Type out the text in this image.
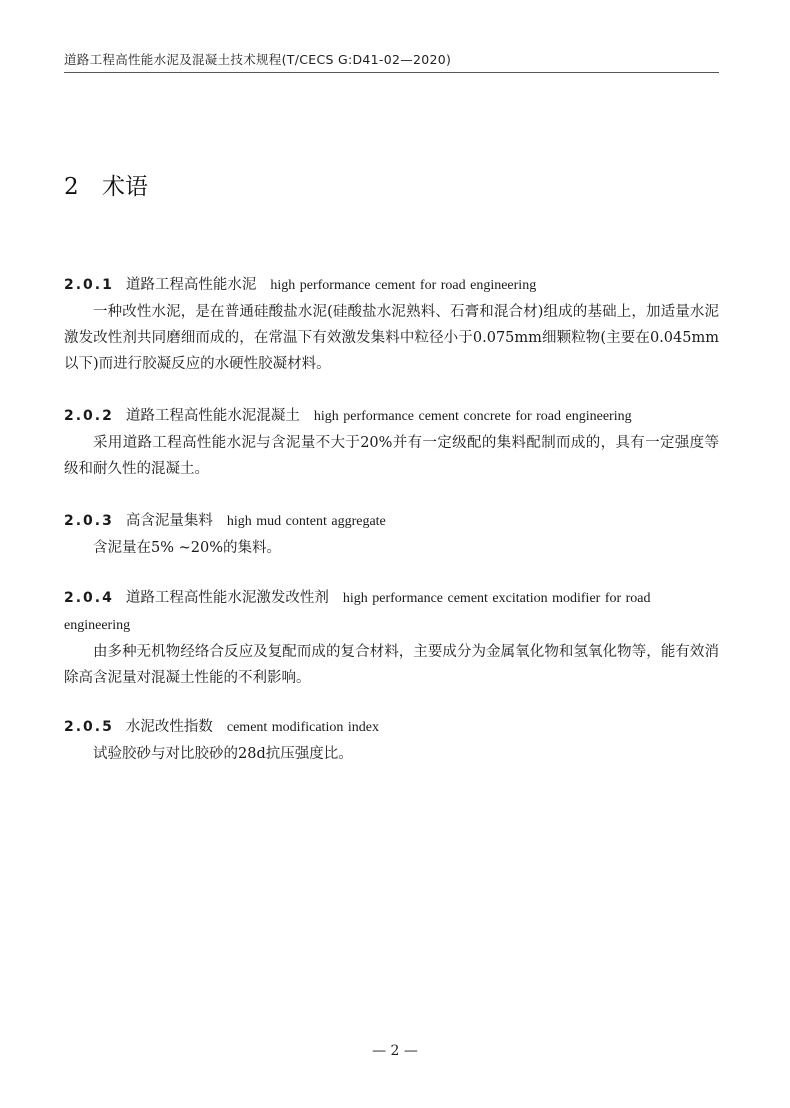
道路工程高性能水泥及混凝土技术规程(T/CECS G:D41-02—2020)
2 术语
2.0.1 道路工程高性能水泥 high performance cement for road engineering
一种改性水泥，是在普通硅酸盐水泥(硅酸盐水泥熟料、石膏和混合材)组成的基础上，加适量水泥激发改性剂共同磨细而成的，在常温下有效激发集料中粒径小于0.075mm细颗粒物(主要在0.045mm以下)而进行胶凝反应的水硬性胶凝材料。
2.0.2 道路工程高性能水泥混凝土 high performance cement concrete for road engineering
采用道路工程高性能水泥与含泥量不大于20%并有一定级配的集料配制而成的，具有一定强度等级和耐久性的混凝土。
2.0.3 高含泥量集料 high mud content aggregate
含泥量在5% ~20%的集料。
2.0.4 道路工程高性能水泥激发改性剂 high performance cement excitation modifier for road engineering
由多种无机物经络合反应及复配而成的复合材料，主要成分为金属氧化物和氢氧化物等，能有效消除高含泥量对混凝土性能的不利影响。
2.0.5 水泥改性指数 cement modification index
试验胶砂与对比胶砂的28d抗压强度比。
— 2 —
